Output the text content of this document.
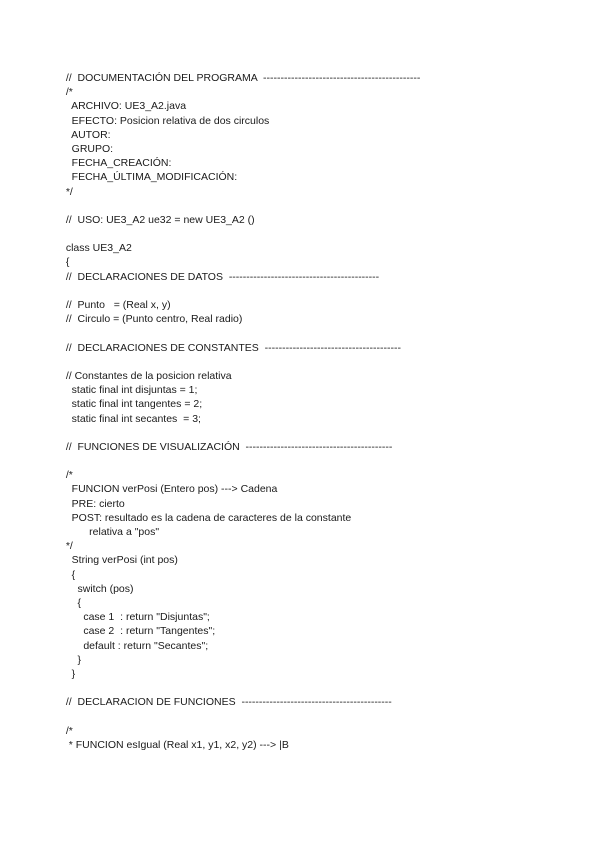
//  DOCUMENTACIÓN DEL PROGRAMA  ---------------------------------------------
/*
ARCHIVO: UE3_A2.java
EFECTO: Posicion relativa de dos circulos
AUTOR:
GRUPO:
FECHA_CREACIÓN:
FECHA_ÚLTIMA_MODIFICACIÓN:
*/
//  USO: UE3_A2 ue32 = new UE3_A2 ()
class UE3_A2
{
//  DECLARACIONES DE DATOS  -------------------------------------------
//  Punto   = (Real x, y)
//  Circulo = (Punto centro, Real radio)
//  DECLARACIONES DE CONSTANTES  ---------------------------------------
// Constantes de la posicion relativa
static final int disjuntas = 1;
static final int tangentes = 2;
static final int secantes  = 3;
//  FUNCIONES DE VISUALIZACIÓN  ------------------------------------------
/*
FUNCION verPosi (Entero pos) ---> Cadena
PRE: cierto
POST: resultado es la cadena de caracteres de la constante
relativa a "pos"
*/
String verPosi (int pos)
{
switch (pos)
{
case 1  : return "Disjuntas";
case 2  : return "Tangentes";
default : return "Secantes";
}
}
//  DECLARACION DE FUNCIONES  -------------------------------------------
/*
* FUNCION esIgual (Real x1, y1, x2, y2) ---> |B
